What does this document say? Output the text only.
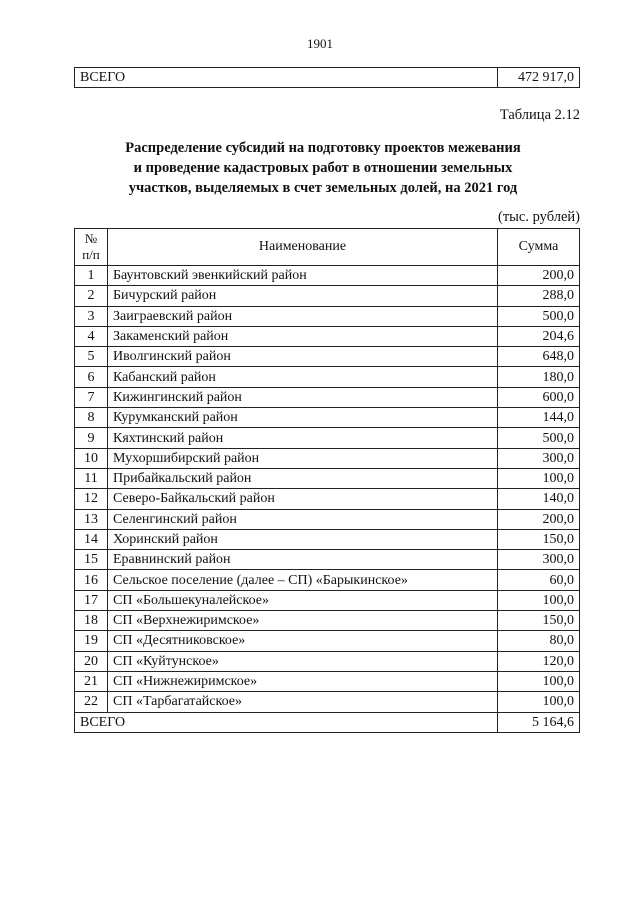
1901
ВСЕГО	472 917,0
Таблица 2.12
Распределение субсидий на подготовку проектов межевания
и проведение кадастровых работ в отношении земельных
участков, выделяемых в счет земельных долей, на 2021 год
(тыс. рублей)
№
п/п	Наименование	Сумма
1	Баунтовский эвенкийский район	200,0
2	Бичурский район	288,0
3	Заиграевский район	500,0
4	Закаменский район	204,6
5	Иволгинский район	648,0
6	Кабанский район	180,0
7	Кижингинский район	600,0
8	Курумканский район	144,0
9	Кяхтинский район	500,0
10	Мухоршибирский район	300,0
11	Прибайкальский район	100,0
12	Северо-Байкальский район	140,0
13	Селенгинский район	200,0
14	Хоринский район	150,0
15	Еравнинский район	300,0
16	Сельское поселение (далее – СП) «Барыкинское»	60,0
17	СП «Большекуналейское»	100,0
18	СП «Верхнежиримское»	150,0
19	СП «Десятниковское»	80,0
20	СП «Куйтунское»	120,0
21	СП «Нижнежиримское»	100,0
22	СП «Тарбагатайское»	100,0
ВСЕГО		5 164,6
